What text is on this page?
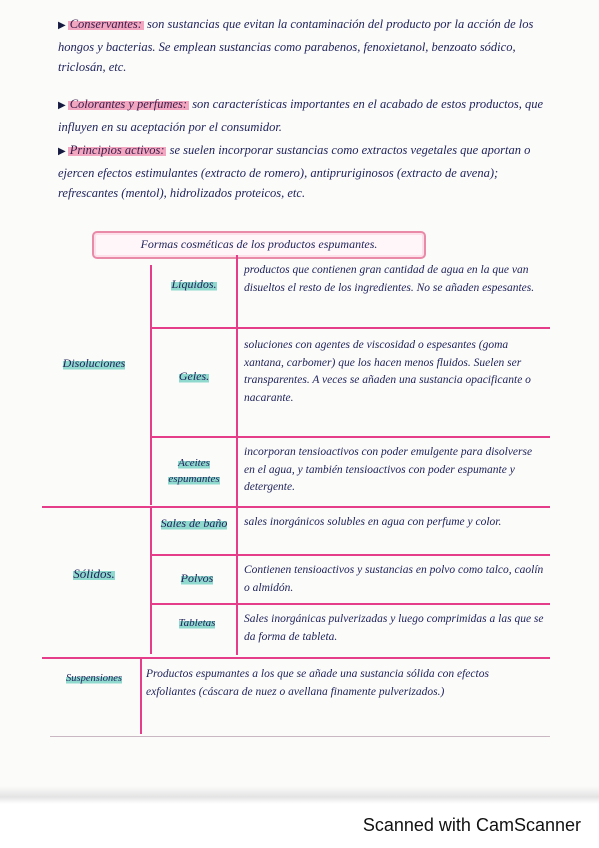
▶ Conservantes: son sustancias que evitan la contaminación del producto por la acción de los hongos y bacterias. Se emplean sustancias como parabenos, fenoxietanol, benzoato sódico, triclosán, etc.
▶ Colorantes y perfumes: son características importantes en el acabado de estos productos, que influyen en su aceptación por el consumidor.
▶ Principios activos: se suelen incorporar sustancias como extractos vegetales que aportan o ejercen efectos estimulantes (extracto de romero), antipruriginosos (extracto de avena); refrescantes (mentol), hidrolizados proteicos, etc.
Formas cosméticas de los productos espumantes.
Disoluciones
Sólidos.
Suspensiones
Líquidos.
productos que contienen gran cantidad de agua en la que van disueltos el resto de los ingredientes. No se añaden espesantes.
Geles.
soluciones con agentes de viscosidad o espesantes (goma xantana, carbomer) que los hacen menos fluidos. Suelen ser transparentes. A veces se añaden una sustancia opacificante o nacarante.
Aceites espumantes
incorporan tensioactivos con poder emulgente para disolverse en el agua, y también tensioactivos con poder espumante y detergente.
Sales de baño	sales inorgánicos solubles en agua con perfume y color.
Polvos
Contienen tensioactivos y sustancias en polvo como talco, caolín o almidón.
Tabletas	Sales inorgánicas pulverizadas y luego comprimidas a las que se da forma de tableta.
Productos espumantes a los que se añade una sustancia sólida con efectos exfoliantes (cáscara de nuez o avellana finamente pulverizados.)
Scanned with CamScanner
